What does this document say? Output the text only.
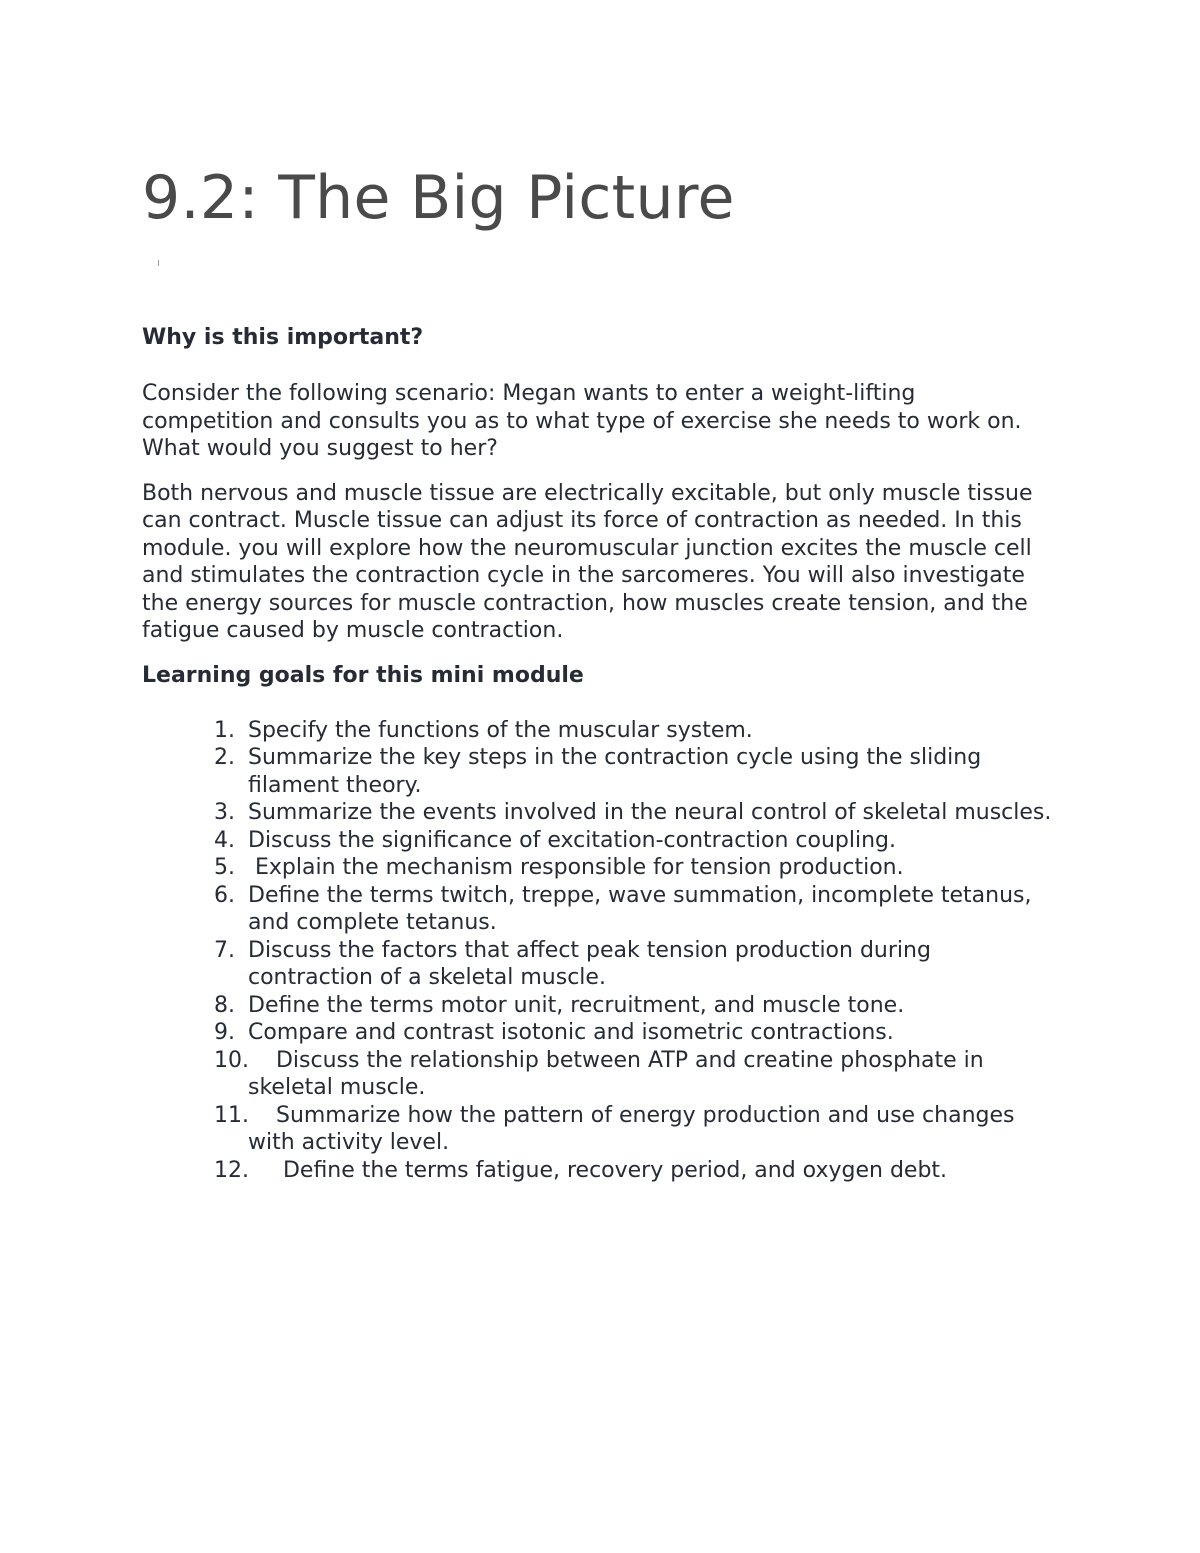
9.2: The Big Picture
Why is this important?

Consider the following scenario: Megan wants to enter a weight-lifting competition and consults you as to what type of exercise she needs to work on. What would you suggest to her?

Both nervous and muscle tissue are electrically excitable, but only muscle tissue can contract. Muscle tissue can adjust its force of contraction as needed. In this module. you will explore how the neuromuscular junction excites the muscle cell and stimulates the contraction cycle in the sarcomeres. You will also investigate the energy sources for muscle contraction, how muscles create tension, and the fatigue caused by muscle contraction.

Learning goals for this mini module
1. Specify the functions of the muscular system.
2. Summarize the key steps in the contraction cycle using the sliding filament theory.
3. Summarize the events involved in the neural control of skeletal muscles.
4. Discuss the significance of excitation-contraction coupling.
5. Explain the mechanism responsible for tension production.
6. Define the terms twitch, treppe, wave summation, incomplete tetanus, and complete tetanus.
7. Discuss the factors that affect peak tension production during contraction of a skeletal muscle.
8. Define the terms motor unit, recruitment, and muscle tone.
9. Compare and contrast isotonic and isometric contractions.
10. Discuss the relationship between ATP and creatine phosphate in skeletal muscle.
11. Summarize how the pattern of energy production and use changes with activity level.
12. Define the terms fatigue, recovery period, and oxygen debt.
